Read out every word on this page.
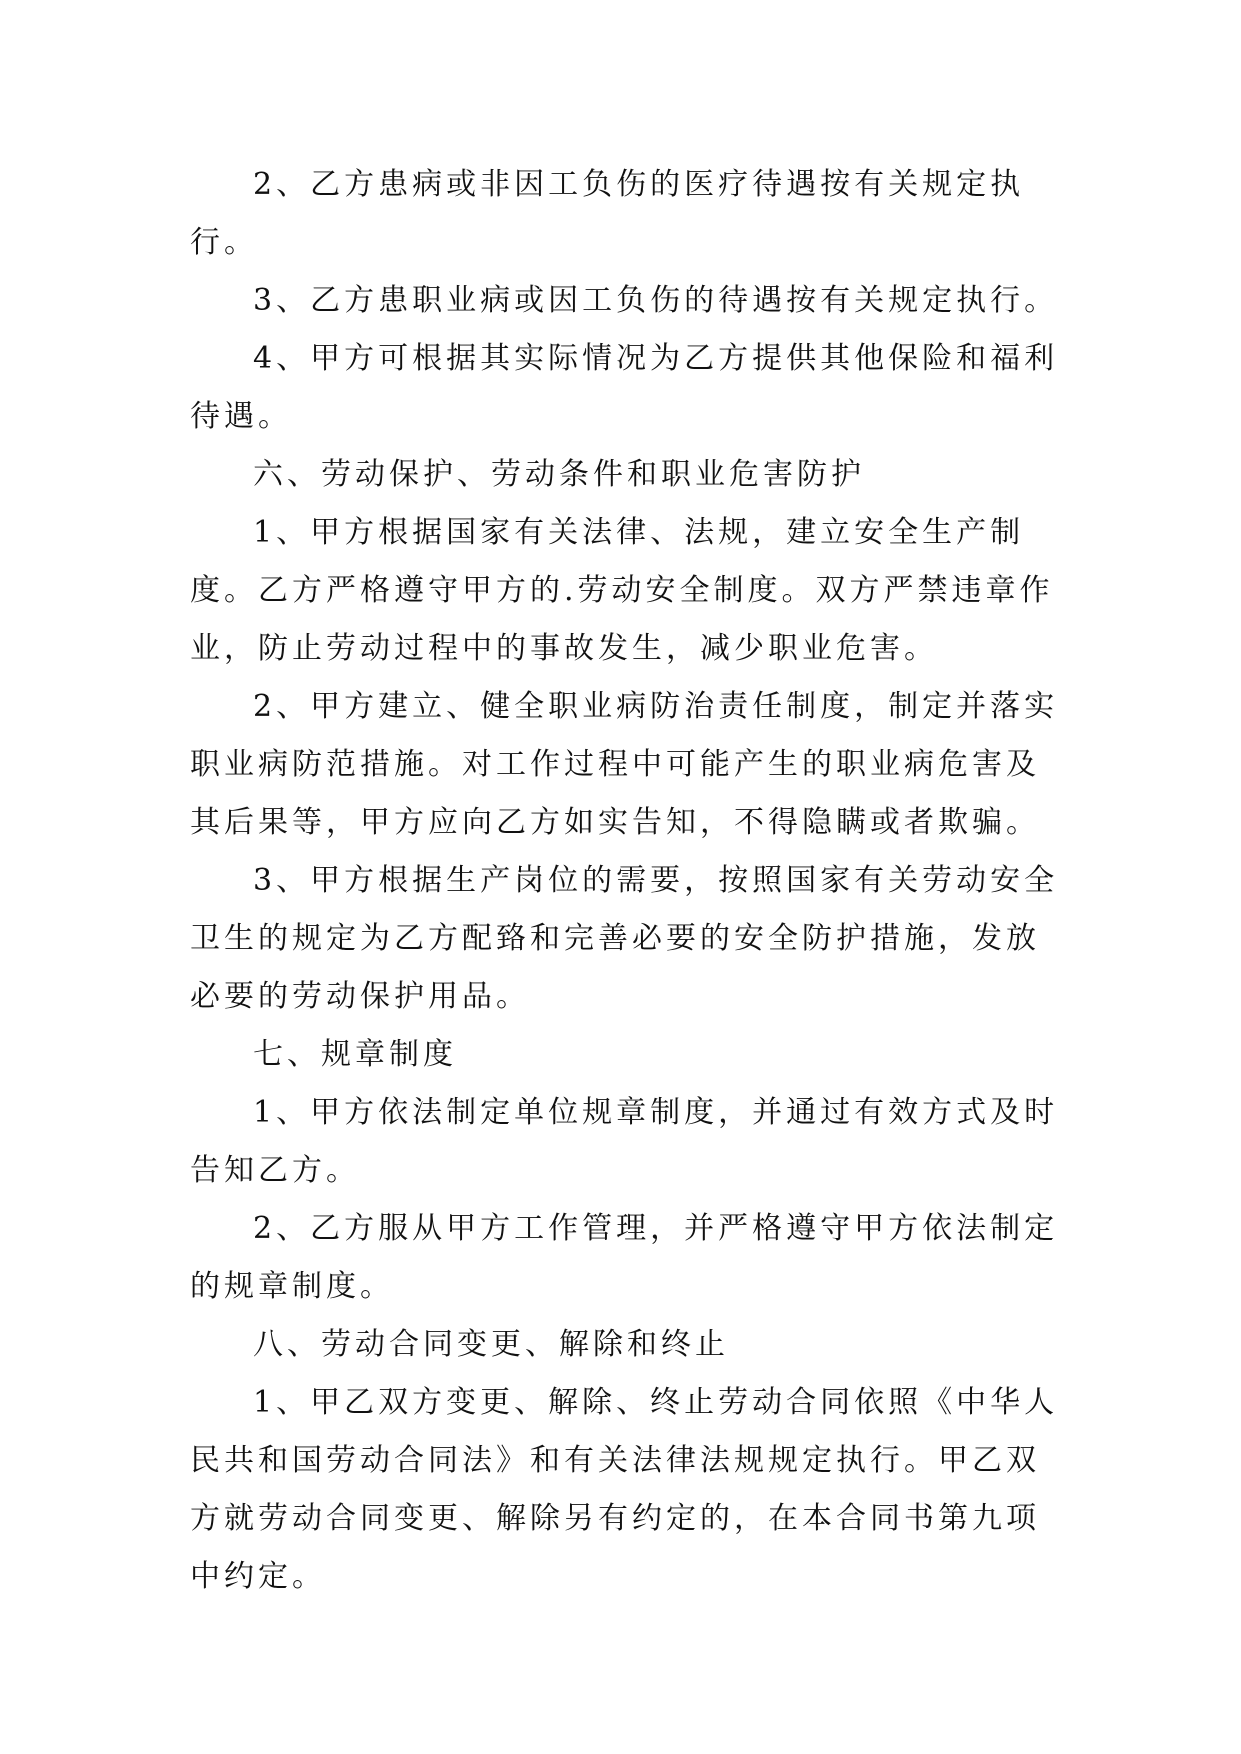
2、乙方患病或非因工负伤的医疗待遇按有关规定执行。

3、乙方患职业病或因工负伤的待遇按有关规定执行。

4、甲方可根据其实际情况为乙方提供其他保险和福利待遇。

六、劳动保护、劳动条件和职业危害防护

1、甲方根据国家有关法律、法规，建立安全生产制度。乙方严格遵守甲方的.劳动安全制度。双方严禁违章作业，防止劳动过程中的事故发生，减少职业危害。

2、甲方建立、健全职业病防治责任制度，制定并落实职业病防范措施。对工作过程中可能产生的职业病危害及其后果等，甲方应向乙方如实告知，不得隐瞒或者欺骗。

3、甲方根据生产岗位的需要，按照国家有关劳动安全卫生的规定为乙方配臵和完善必要的安全防护措施，发放必要的劳动保护用品。

七、规章制度

1、甲方依法制定单位规章制度，并通过有效方式及时告知乙方。

2、乙方服从甲方工作管理，并严格遵守甲方依法制定的规章制度。

八、劳动合同变更、解除和终止

1、甲乙双方变更、解除、终止劳动合同依照《中华人民共和国劳动合同法》和有关法律法规规定执行。甲乙双方就劳动合同变更、解除另有约定的，在本合同书第九项中约定。
